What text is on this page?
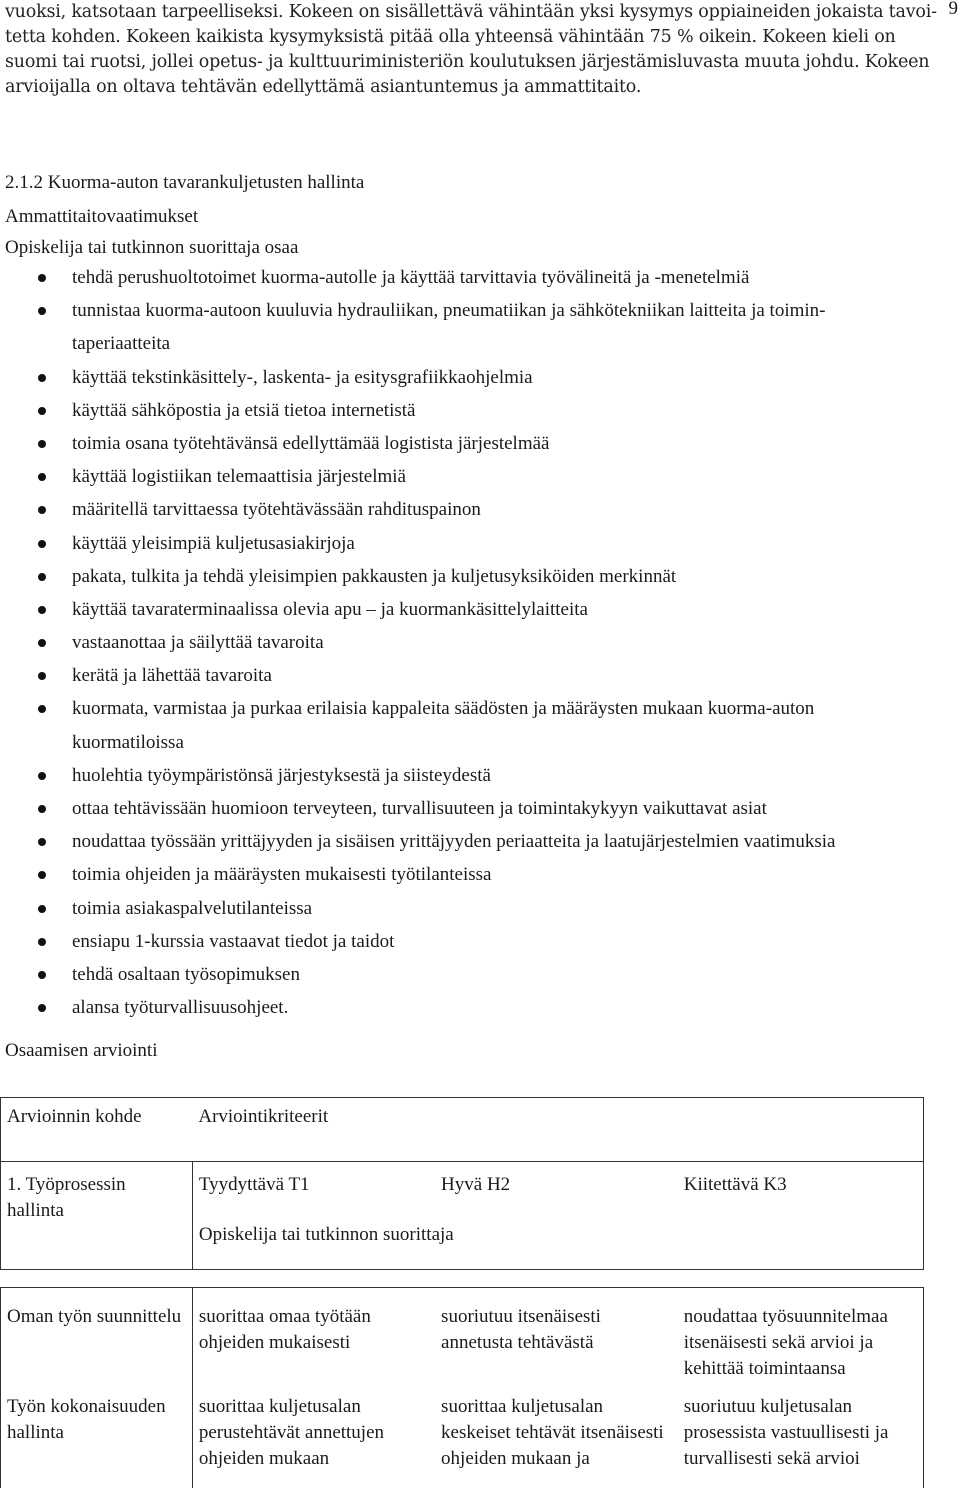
9

vuoksi, katsotaan tarpeelliseksi. Kokeen on sisällettävä vähintään yksi kysymys oppiaineiden jokaista tavoi-

tetta kohden. Kokeen kaikista kysymyksistä pitää olla yhteensä vähintään 75 % oikein. Kokeen kieli on

suomi tai ruotsi, jollei opetus- ja kulttuuriministeriön koulutuksen järjestämisluvasta muuta johdu. Kokeen

arvioijalla on oltava tehtävän edellyttämä asiantuntemus ja ammattitaito.

2.1.2 Kuorma-auton tavarankuljetusten hallinta
Ammattitaitovaatimukset
Opiskelija tai tutkinnon suorittaja osaa
tehdä perushuoltotoimet kuorma-autolle ja käyttää tarvittavia työvälineitä ja -menetelmiä
tunnistaa kuorma-autoon kuuluvia hydrauliikan, pneumatiikan ja sähkötekniikan laitteita ja toimin-
taperiaatteita
käyttää tekstinkäsittely-, laskenta- ja esitysgrafiikkaohjelmia
käyttää sähköpostia ja etsiä tietoa internetistä
toimia osana työtehtävänsä edellyttämää logistista järjestelmää
käyttää logistiikan telemaattisia järjestelmiä
määritellä tarvittaessa työtehtävässään rahdituspainon
käyttää yleisimpiä kuljetusasiakirjoja
pakata, tulkita ja tehdä yleisimpien pakkausten ja kuljetusyksiköiden merkinnät
käyttää tavaraterminaalissa olevia apu – ja kuormankäsittelylaitteita
vastaanottaa ja säilyttää tavaroita
kerätä ja lähettää tavaroita
kuormata, varmistaa ja purkaa erilaisia kappaleita säädösten ja määräysten mukaan kuorma-auton
kuormatiloissa
huolehtia työympäristönsä järjestyksestä ja siisteydestä
ottaa tehtävissään huomioon terveyteen, turvallisuuteen ja toimintakykyyn vaikuttavat asiat
noudattaa työssään yrittäjyyden ja sisäisen yrittäjyyden periaatteita ja laatujärjestelmien vaatimuksia
toimia ohjeiden ja määräysten mukaisesti työtilanteissa
toimia asiakaspalvelutilanteissa
ensiapu 1-kurssia vastaavat tiedot ja taidot
tehdä osaltaan työsopimuksen
alansa työturvallisuusohjeet.
Osaamisen arviointi
Arvioinnin kohde	Arviointikriteerit		
1. Työprosessin hallinta	Tyydyttävä T1	Hyvä H2	Kiitettävä K3
	Opiskelija tai tutkinnon suorittaja		

Oman työn suunnittelu	suorittaa omaa työtään ohjeiden mukaisesti	suoriutuu itsenäisesti annetusta tehtävästä	noudattaa työsuunnitelmaa itsenäisesti sekä arvioi ja kehittää toimintaansa
Työn kokonaisuuden hallinta	suorittaa kuljetusalan perustehtävät annettujen ohjeiden mukaan	suorittaa kuljetusalan keskeiset tehtävät itsenäisesti ohjeiden mukaan ja	suoriutuu kuljetusalan prosessista vastuullisesti ja turvallisesti sekä arvioi
